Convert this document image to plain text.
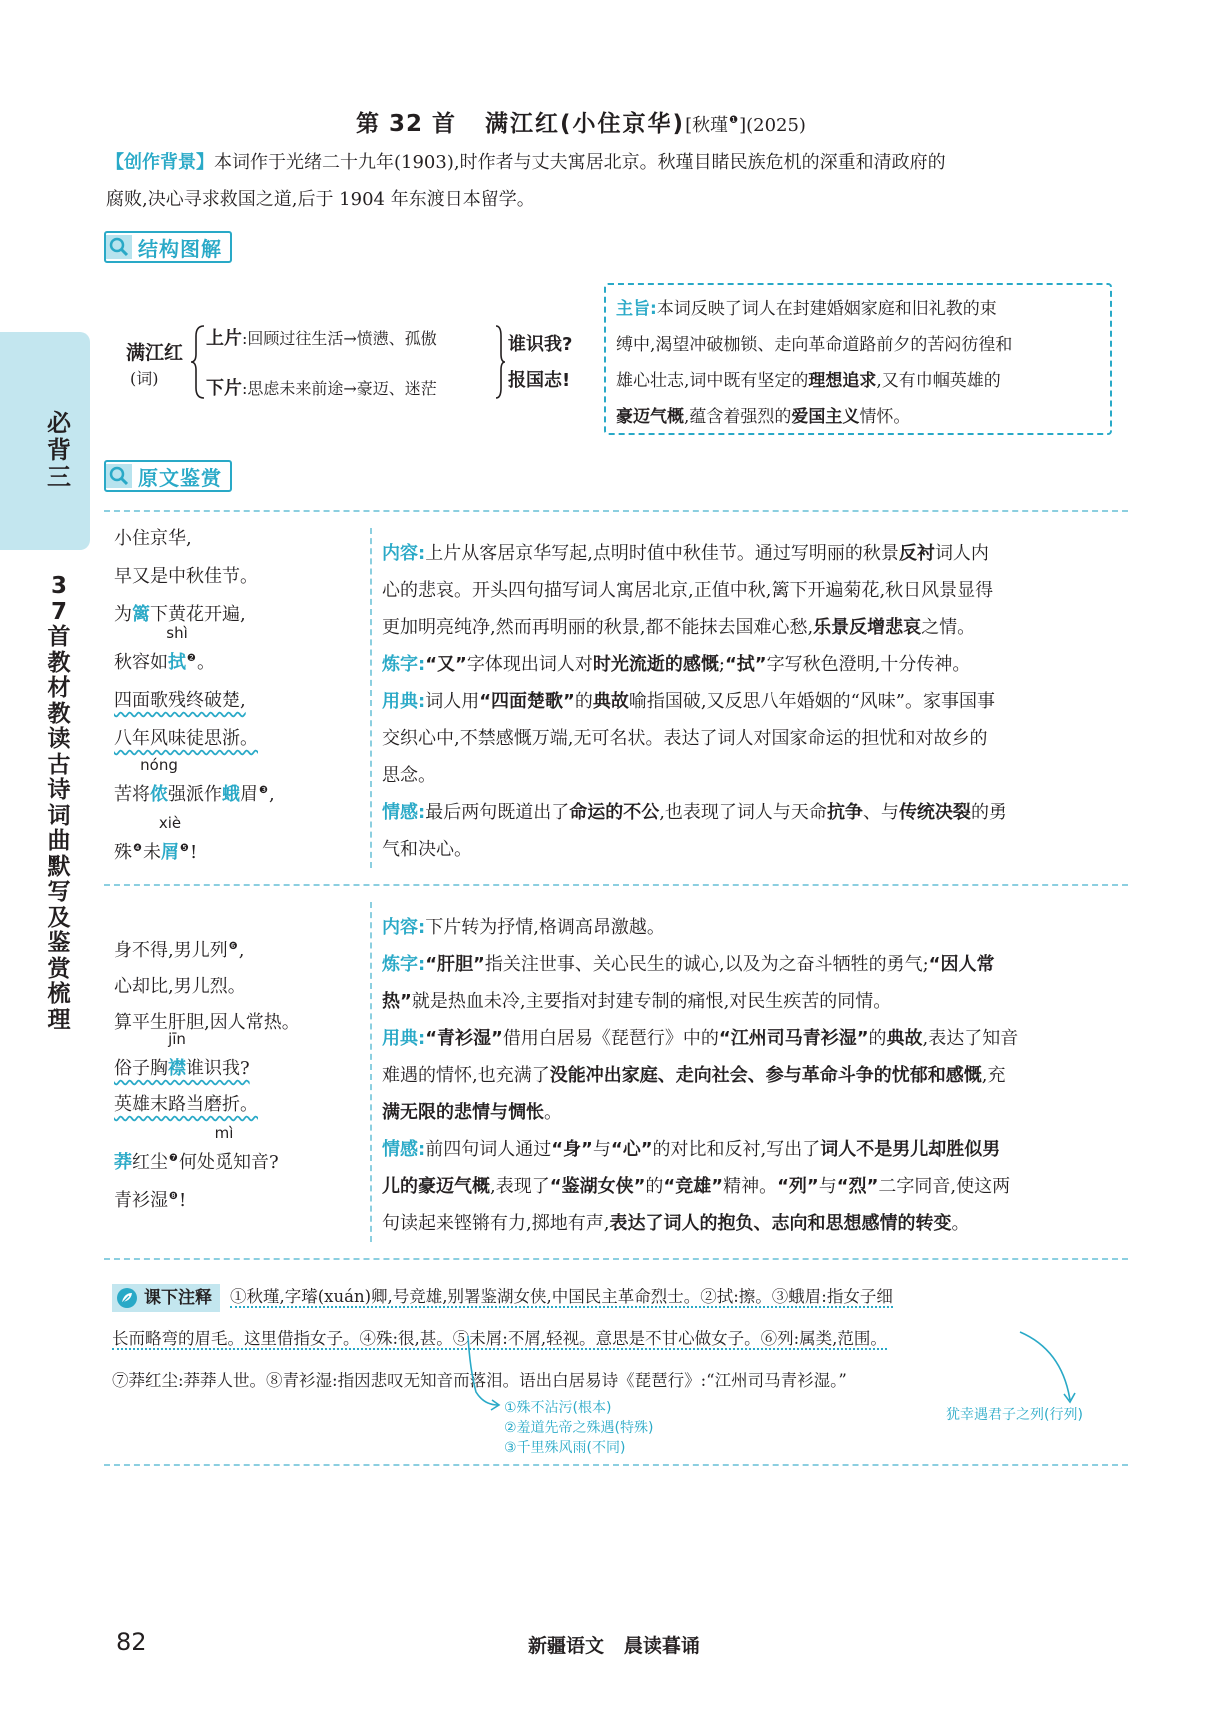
必背三
37首教材教读古诗词曲默写及鉴赏梳理
第 32 首 满江红(小住京华)[秋瑾$^❶$](2025)
【创作背景】本词作于光绪二十九年(1903),时作者与丈夫寓居北京。秋瑾目睹民族危机的深重和清政府的
腐败,决心寻求救国之道,后于 1904 年东渡日本留学。
结构图解
满江红
(词)
上片:回顾过往生活→愤懑、孤傲
下片:思虑未来前途→豪迈、迷茫
谁识我?
报国志!
主旨:本词反映了词人在封建婚姻家庭和旧礼教的束
缚中,渴望冲破枷锁、走向革命道路前夕的苦闷彷徨和
雄心壮志,词中既有坚定的理想追求,又有巾帼英雄的
豪迈气概,蕴含着强烈的爱国主义情怀。
原文鉴赏
小住京华,
早又是中秋佳节。
为篱下黄花开遍,
秋容如
shì
拭$^❷$。
四面歌残终破楚,
八年风味徒思浙。
苦将
nóng
侬强派作蛾眉$^❸$,
殊$^❹$未
xiè
屑$^❺$!
内容:上片从客居京华写起,点明时值中秋佳节。通过写明丽的秋景反衬词人内
心的悲哀。开头四句描写词人寓居北京,正值中秋,篱下开遍菊花,秋日风景显得
更加明亮纯净,然而再明丽的秋景,都不能抹去国难心愁,乐景反增悲哀之情。
炼字:“又”字体现出词人对时光流逝的感慨;“拭”字写秋色澄明,十分传神。
用典:词人用“四面楚歌”的典故喻指国破,又反思八年婚姻的“风味”。家事国事
交织心中,不禁感慨万端,无可名状。表达了词人对国家命运的担忧和对故乡的
思念。
情感:最后两句既道出了命运的不公,也表现了词人与天命抗争、与传统决裂的勇
气和决心。
身不得,男儿列$^❻$,
心却比,男儿烈。
算平生肝胆,因人常热。
俗子胸
jīn
襟谁识我?
英雄末路当磨折。
莽红尘$^❼$何处
mì
觅知音?
青衫湿$^❽$!
内容:下片转为抒情,格调高昂激越。
炼字:“肝胆”指关注世事、关心民生的诚心,以及为之奋斗牺牲的勇气;“因人常
热”就是热血未冷,主要指对封建专制的痛恨,对民生疾苦的同情。
用典:“青衫湿”借用白居易《琵琶行》中的“江州司马青衫湿”的典故,表达了知音
难遇的情怀,也充满了没能冲出家庭、走向社会、参与革命斗争的忧郁和感慨,充
满无限的悲情与惆怅。
情感:前四句词人通过“身”与“心”的对比和反衬,写出了词人不是男儿却胜似男
儿的豪迈气概,表现了“鉴湖女侠”的“竞雄”精神。“列”与“烈”二字同音,使这两
句读起来铿锵有力,掷地有声,表达了词人的抱负、志向和思想感情的转变。
课下注释 ①秋瑾,字璿(xuán)卿,号竞雄,别署鉴湖女侠,中国民主革命烈士。②拭:擦。③蛾眉:指女子细
长而略弯的眉毛。这里借指女子。④殊:很,甚。⑤未屑:不屑,轻视。意思是不甘心做女子。⑥列:属类,范围。
⑦莽红尘:莽莽人世。⑧青衫湿:指因悲叹无知音而落泪。语出白居易诗《琵琶行》:“江州司马青衫湿。”
①殊不沾污(根本)
②羞道先帝之殊遇(特殊)
③千里殊风雨(不同)
犹幸遇君子之列(行列)
82	新疆语文   晨读暮诵
